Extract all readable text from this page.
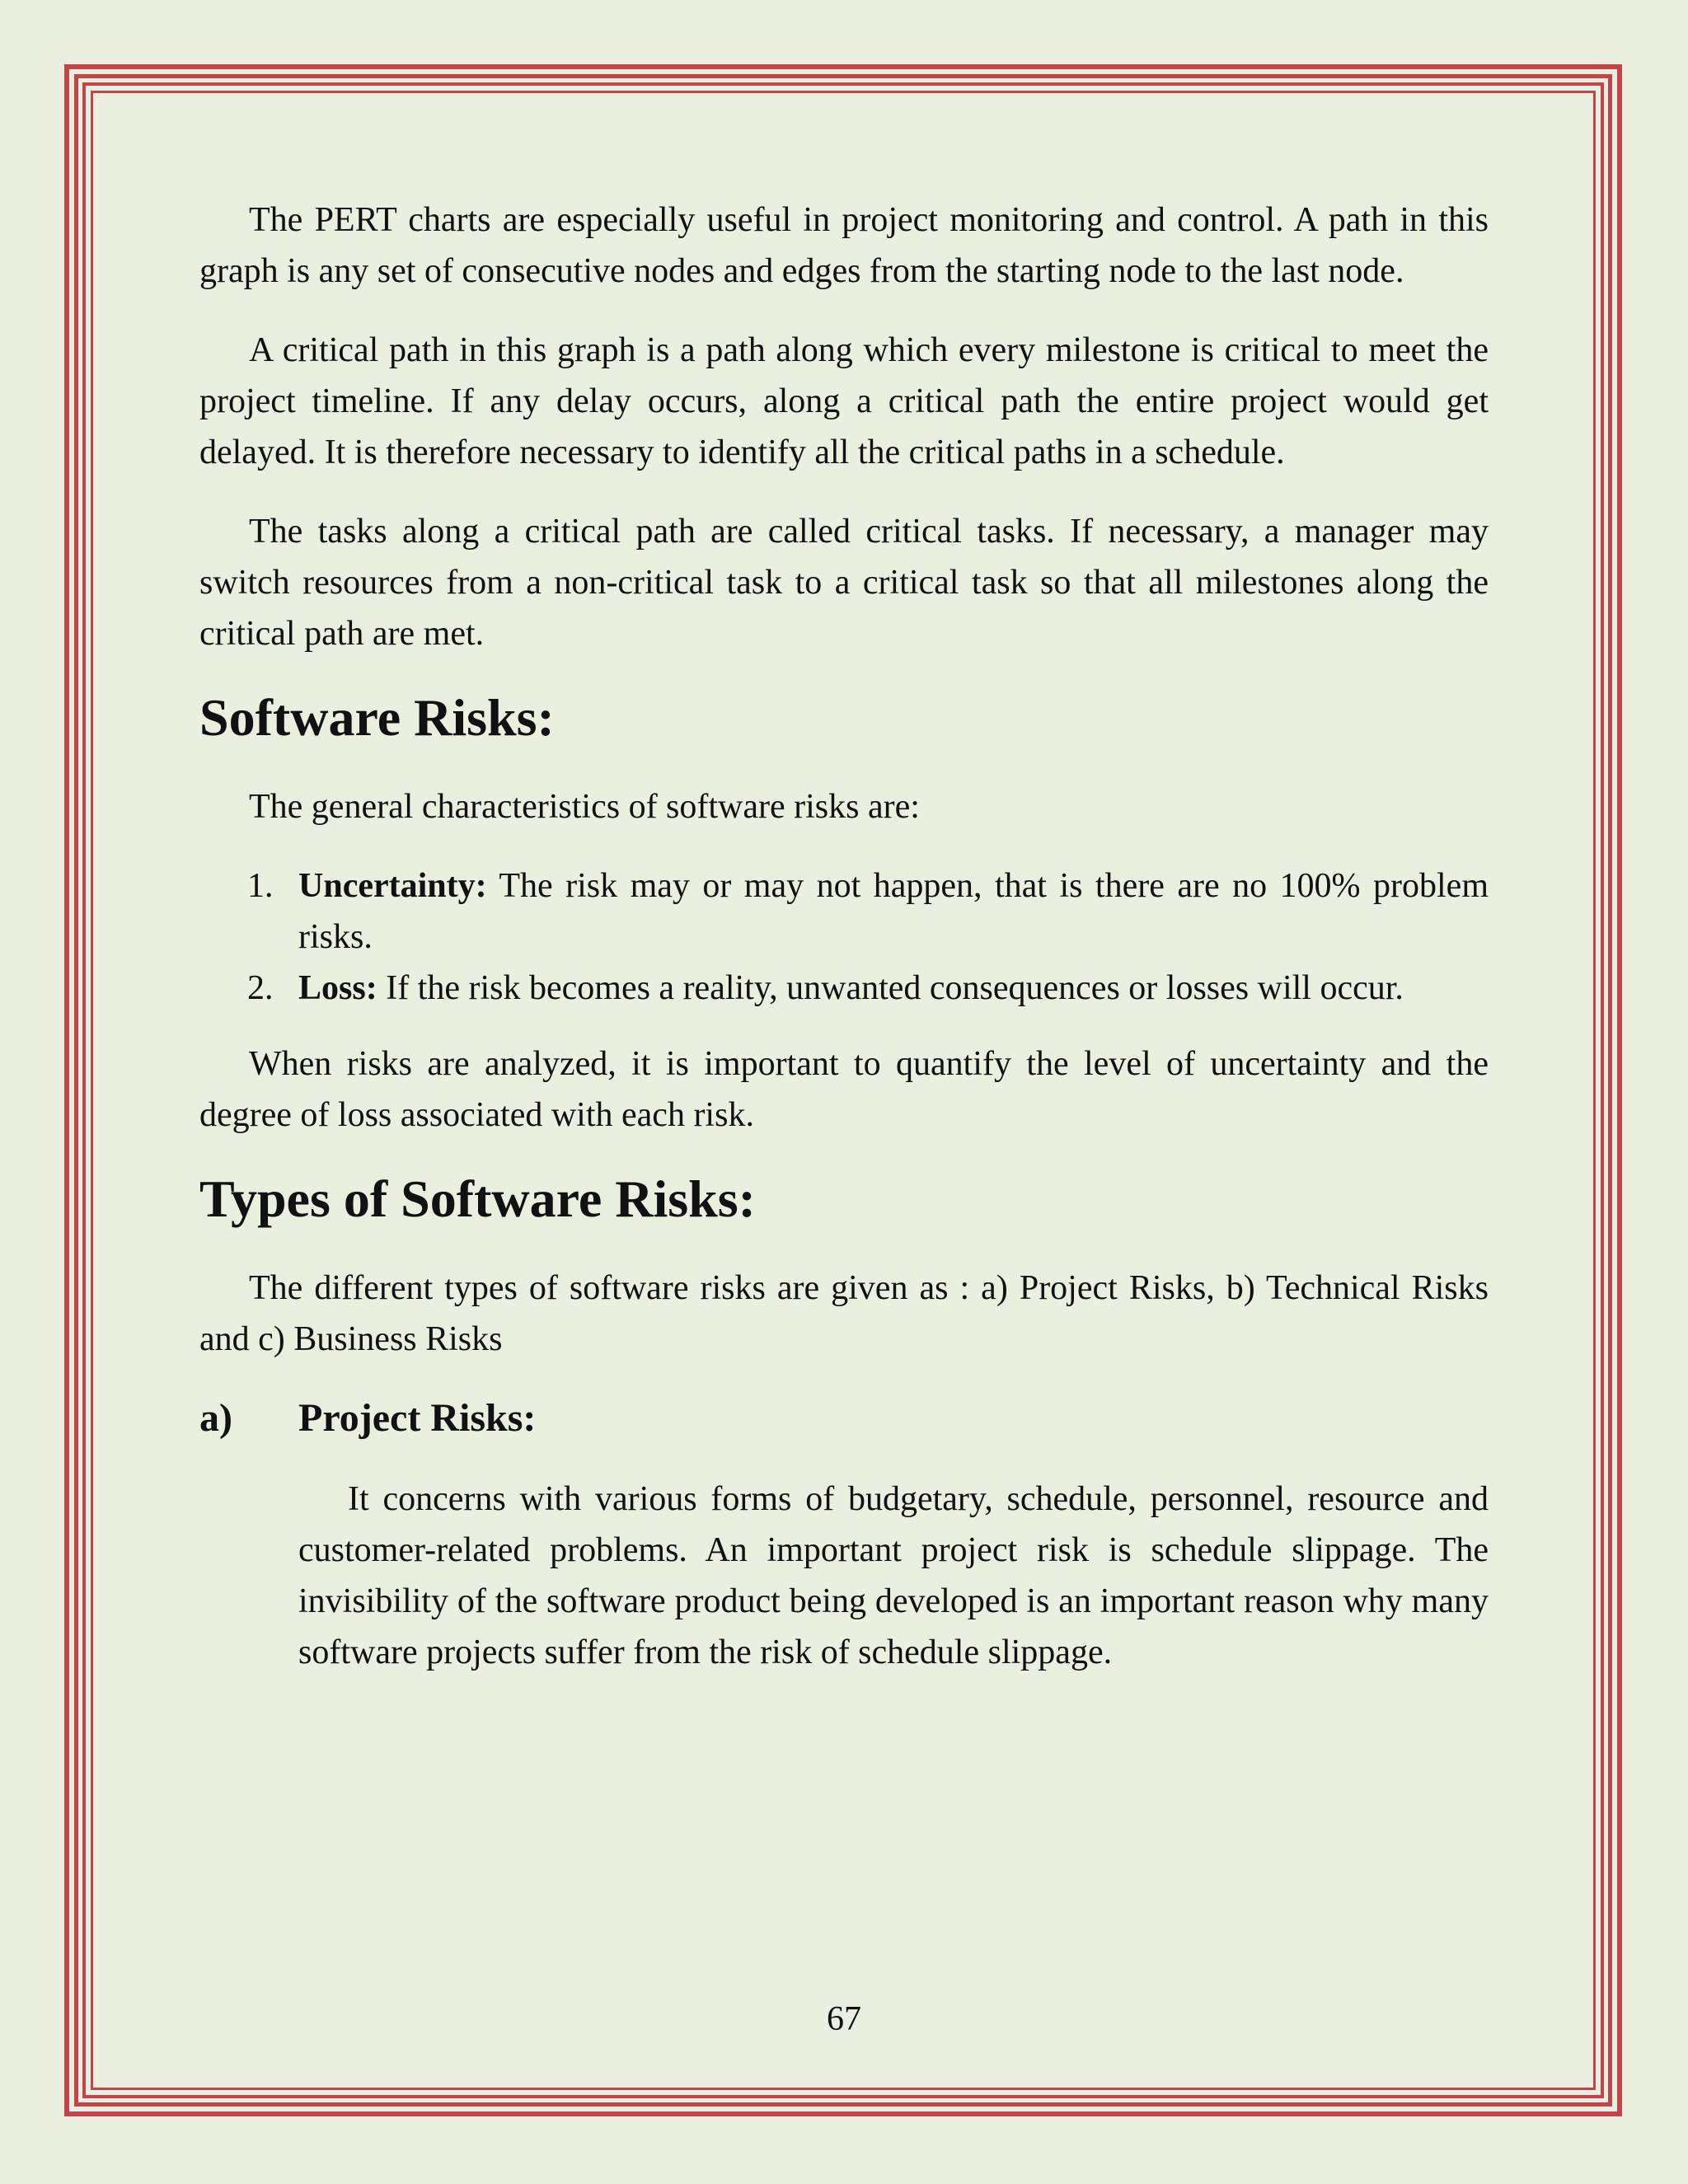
The PERT charts are especially useful in project monitoring and control. A path in this graph is any set of consecutive nodes and edges from the starting node to the last node.

A critical path in this graph is a path along which every milestone is critical to meet the project timeline. If any delay occurs, along a critical path the entire project would get delayed. It is therefore necessary to identify all the critical paths in a schedule.

The tasks along a critical path are called critical tasks. If necessary, a manager may switch resources from a non-critical task to a critical task so that all milestones along the critical path are met.

Software Risks:

The general characteristics of software risks are:

1. Uncertainty: The risk may or may not happen, that is there are no 100% problem risks.
2. Loss: If the risk becomes a reality, unwanted consequences or losses will occur.

When risks are analyzed, it is important to quantify the level of uncertainty and the degree of loss associated with each risk.

Types of Software Risks:

The different types of software risks are given as : a) Project Risks, b) Technical Risks and c) Business Risks

a) Project Risks:

It concerns with various forms of budgetary, schedule, personnel, resource and customer-related problems. An important project risk is schedule slippage. The invisibility of the software product being developed is an important reason why many software projects suffer from the risk of schedule slippage.

67
